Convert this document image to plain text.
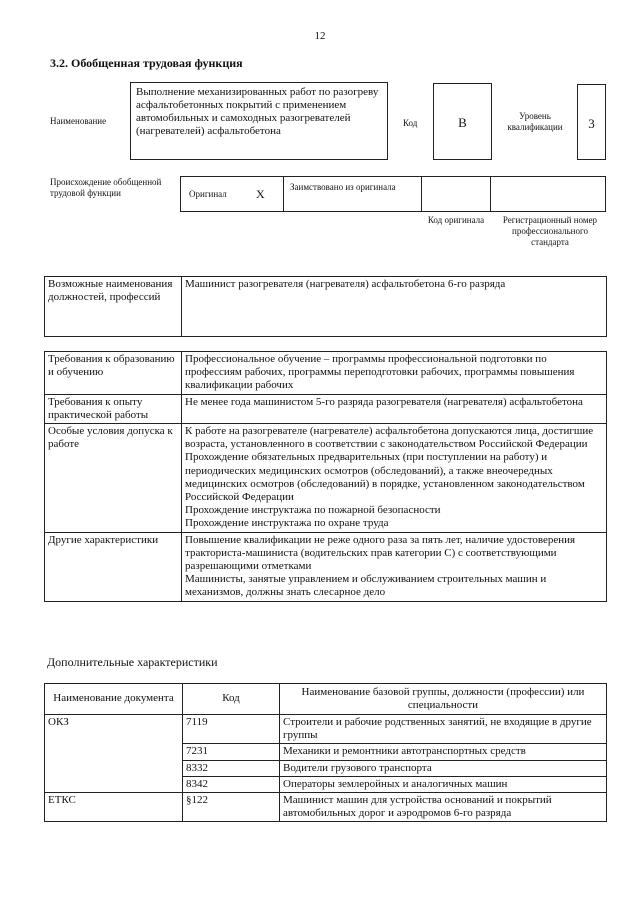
12
3.2. Обобщенная трудовая функция
Наименование
Выполнение механизированных работ по разогреву асфальтобетонных покрытий с применением автомобильных и самоходных разогревателей (нагревателей) асфальтобетона
Код	B	Уровень квалификации	3
Происхождение обобщенной трудовой функции	Оригинал X	Заимствовано из оригинала
Код оригинала	Регистрационный номер профессионального стандарта
Возможные наименования должностей, профессий	Машинист разогревателя (нагревателя) асфальтобетона 6-го разряда
Требования к образованию и обучению	Профессиональное обучение – программы профессиональной подготовки по профессиям рабочих, программы переподготовки рабочих, программы повышения квалификации рабочих

Требования к опыту практической работы	Не менее года машинистом 5-го разряда разогревателя (нагревателя) асфальтобетона

Особые условия допуска к работе	К работе на разогревателе (нагревателе) асфальтобетона допускаются лица, достигшие возраста, установленного в соответствии с законодательством Российской Федерации

Прохождение обязательных предварительных (при поступлении на работу) и периодических медицинских осмотров (обследований), а также внеочередных медицинских осмотров (обследований) в порядке, установленном законодательством Российской Федерации

Прохождение инструктажа по пожарной безопасности

Прохождение инструктажа по охране труда

Другие характеристики	Повышение квалификации не реже одного раза за пять лет, наличие удостоверения тракториста-машиниста (водительских прав категории C) с соответствующими разрешающими отметками

Машинисты, занятые управлением и обслуживанием строительных машин и механизмов, должны знать слесарное дело

Дополнительные характеристики
Наименование документа	Код	Наименование базовой группы, должности (профессии) или специальности
ОКЗ	7119	Строители и рабочие родственных занятий, не входящие в другие группы
	7231	Механики и ремонтники автотранспортных средств
	8332	Водители грузового транспорта
	8342	Операторы землеройных и аналогичных машин
ЕТКС	§122	Машинист машин для устройства оснований и покрытий автомобильных дорог и аэродромов 6-го разряда
